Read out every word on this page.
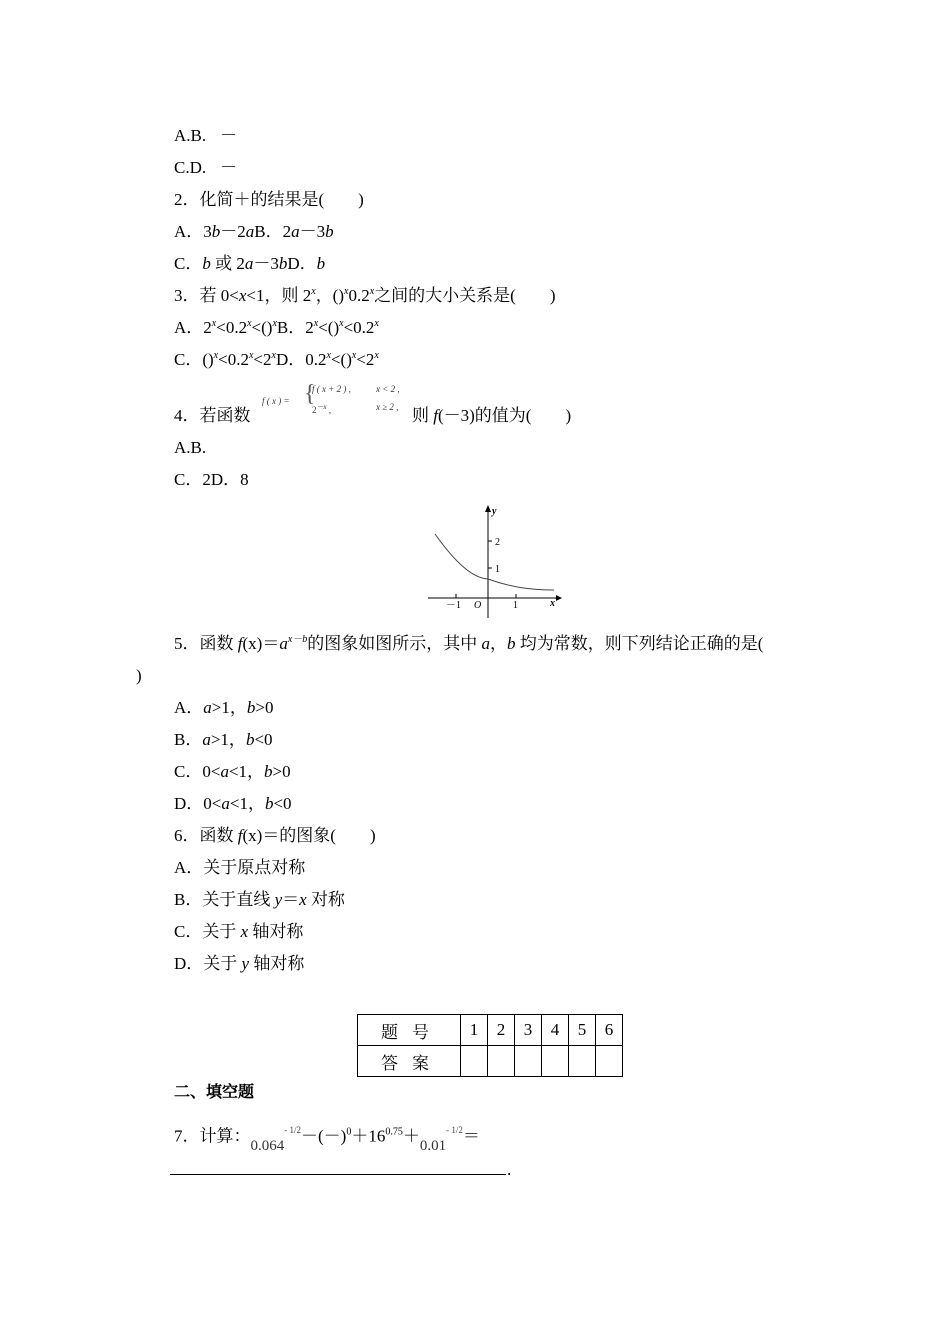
A.B. －
C.D. －
2．化简＋的结果是(　　)
A．3b－2aB．2a－3b
C．b 或 2a－3bD．b
3．若 0<x<1，则 2$^x$，()$^x$0.2$^x$之间的大小关系是(　　)
A．$2^x<0.2^x<()^xB$．$2^x<()^x<0.2^x$
C．$()^x<0.2^x<2^xD$．$0.2^x<()^x<2^x$
4．若函数
f ( x ) = {
f ( x + 2 ) ,	x < 2 ,
$2^{-x}$ ,	x ≥ 2 , 则 f(－3)的值为(　　)
A.B.
C．2D．8
y
x
O
2
1
－1	1
5．函数 $f(x)=a^{x-b}$的图象如图所示，其中 a，b 均为常数，则下列结论正确的是(
)
A．a>1，b>0
B．a>1，b<0
C．0<a<1，b>0
D．0<a<1，b<0
6．函数 f(x)＝的图象(　　)
A．关于原点对称
B．关于直线 y＝x 对称
C．关于 x 轴对称
D．关于 y 轴对称
题号	1	2	3	4	5	6
答案						
二、填空题
7．计算：$0.064^{- 1/2}-(-)^0+16^{0.75}+0.01^{- 1/2}=$
.
